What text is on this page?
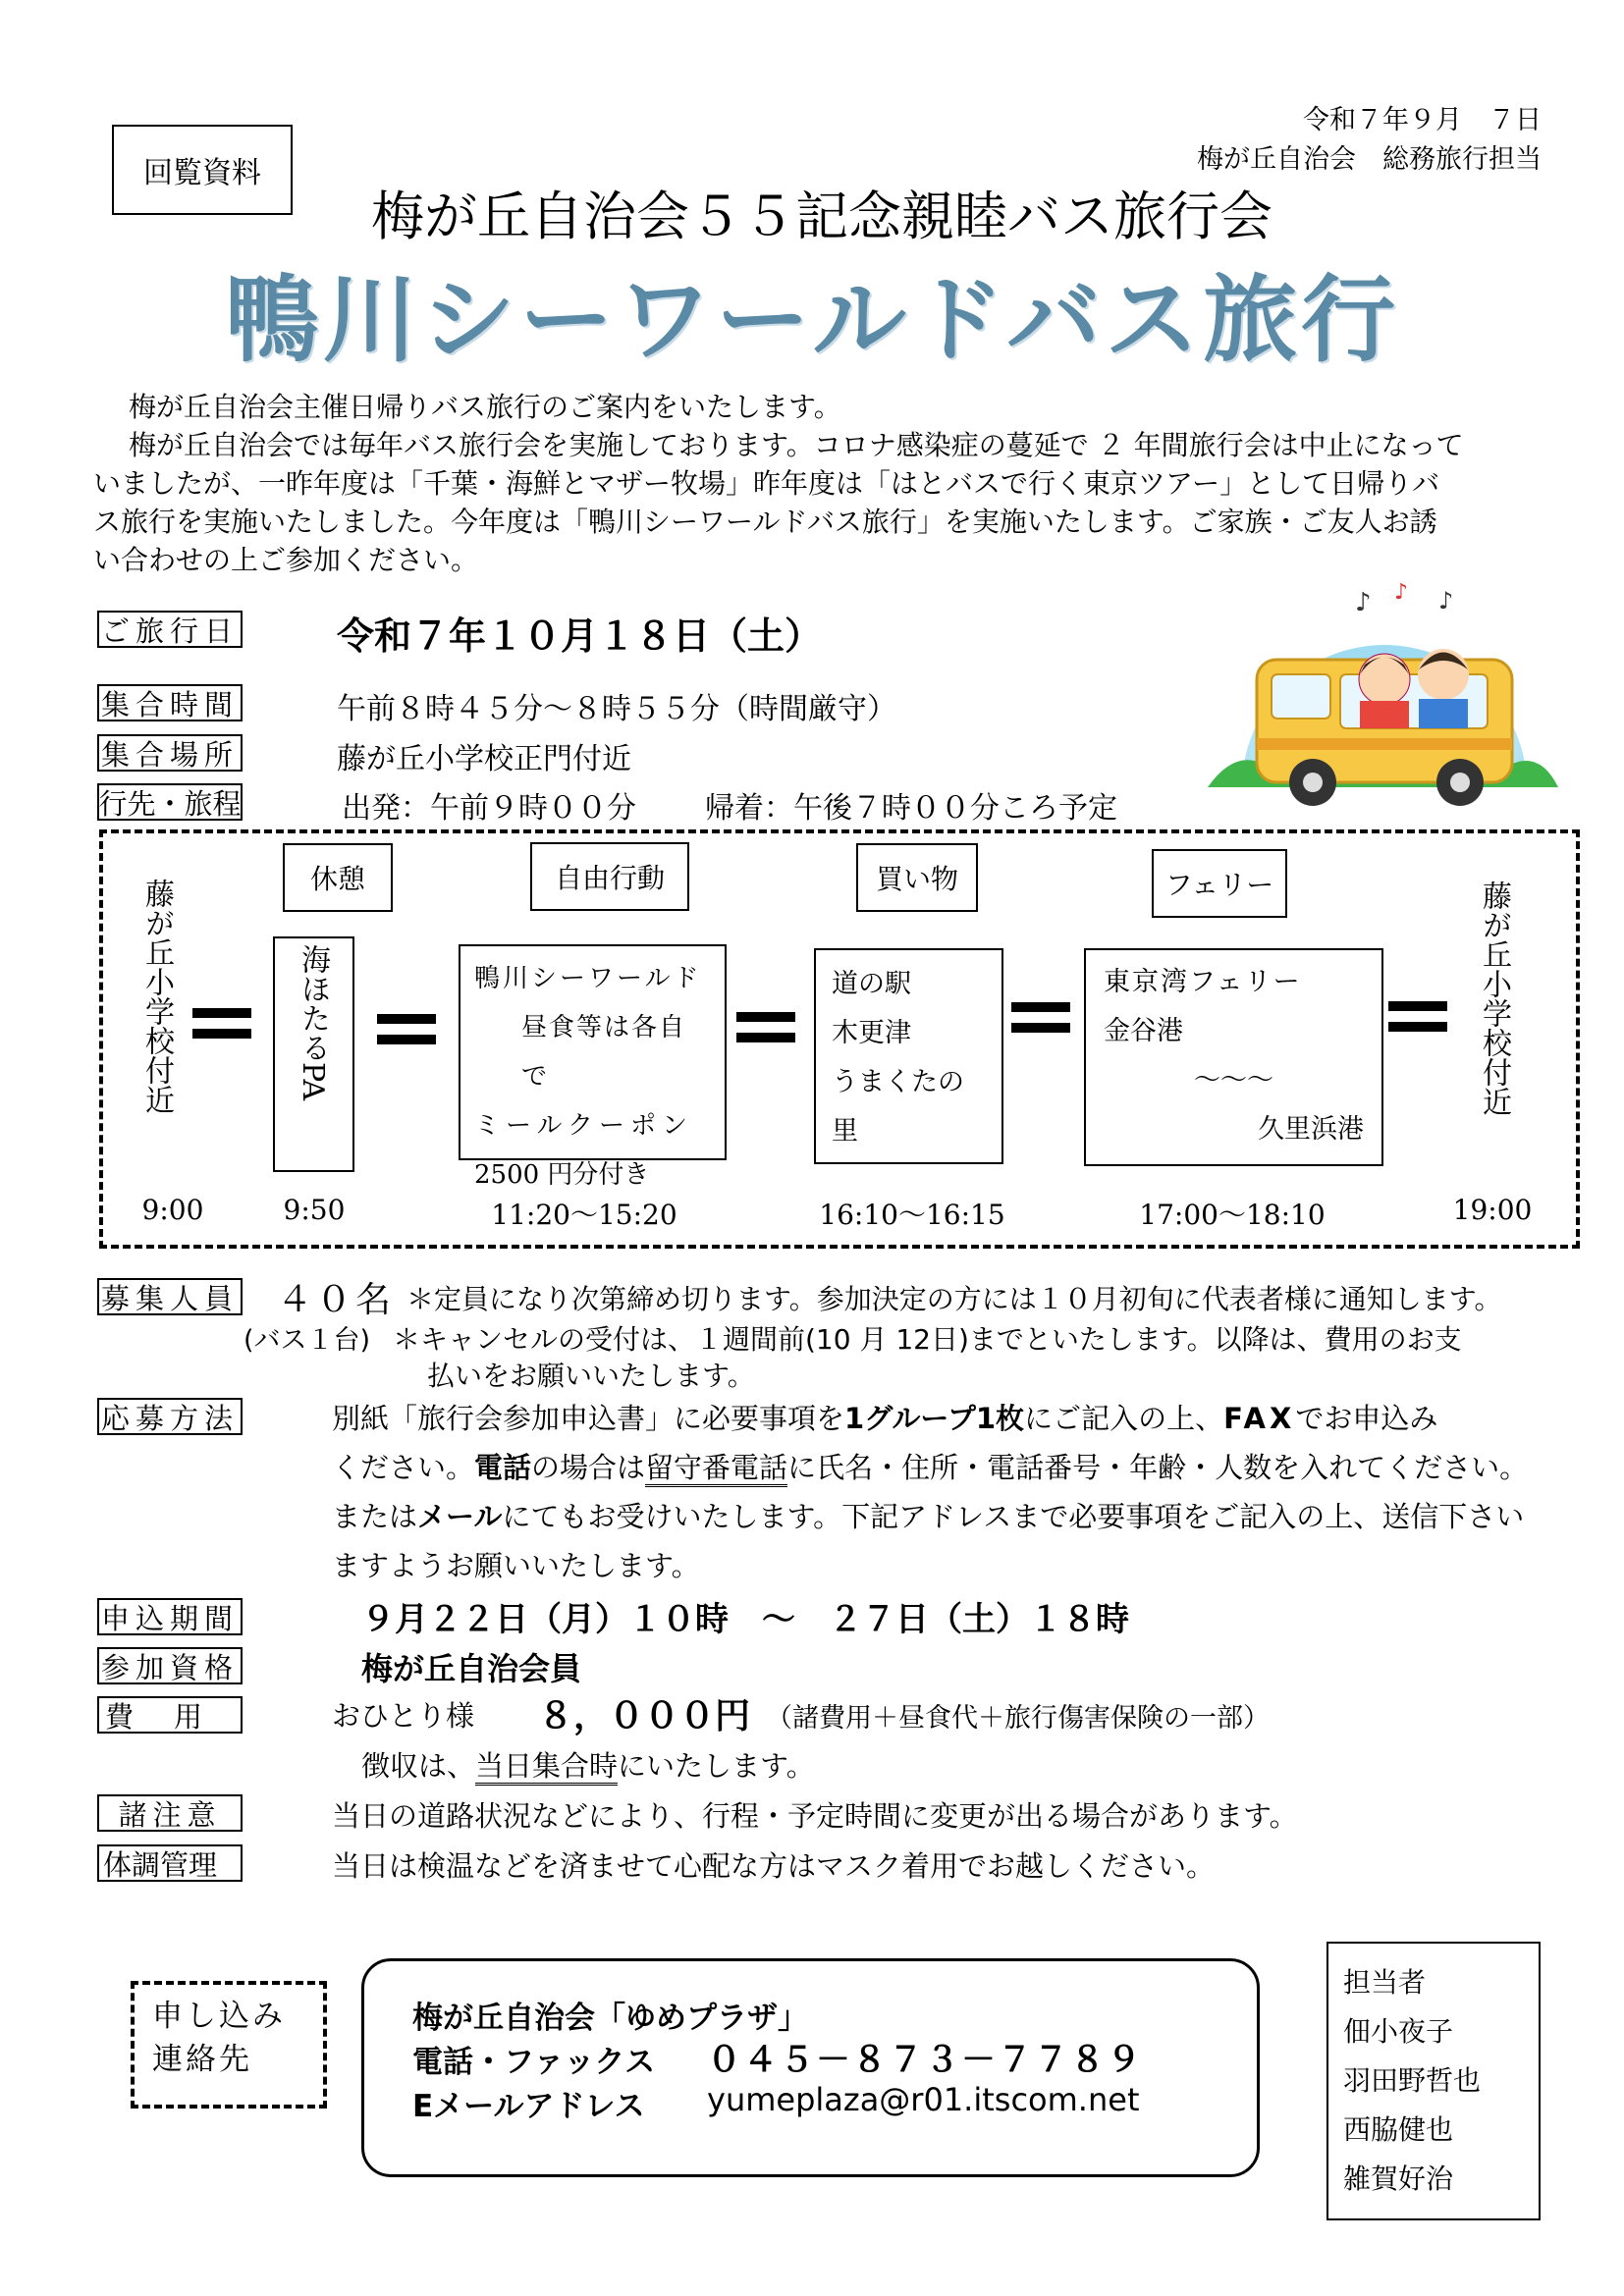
令和７年９月　７日
梅が丘自治会　総務旅行担当
回覧資料
梅が丘自治会５５記念親睦バス旅行会
鴨川シーワールドバス旅行
梅が丘自治会主催日帰りバス旅行のご案内をいたします。
梅が丘自治会では毎年バス旅行会を実施しております。コロナ感染症の蔓延で ２ 年間旅行会は中止になって
いましたが、一昨年度は「千葉・海鮮とマザー牧場」昨年度は「はとバスで行く東京ツアー」として日帰りバ
ス旅行を実施いたしました。今年度は「鴨川シーワールドバス旅行」を実施いたします。ご家族・ご友人お誘
い合わせの上ご参加ください。
♪ ♪ ♪
ご旅行日	令和７年１０月１８日（土）
集合時間	午前８時４５分～８時５５分（時間厳守）
集合場所	藤が丘小学校正門付近
行先・旅程	出発：午前９時００分 帰着：午後７時００分ころ予定
藤が丘小学校付近	休憩
海ほたるPA
自由行動
鴨川シーワールド
昼食等は各自で
ミールクーポン
2500 円分付き
買い物
道の駅
木更津
うまくたの里
フェリー
東京湾フェリー
金谷港
～～～
久里浜港
藤が丘小学校付近
9:00	9:50	11:20～15:20	16:10～16:15	17:00～18:10	19:00
募集人員 ４０名 ＊定員になり次第締め切ります。参加決定の方には１０月初旬に代表者様に通知します。
(バス１台) ＊キャンセルの受付は、１週間前(10 月 12日)までといたします。以降は、費用のお支
払いをお願いいたします。
応募方法	別紙「旅行会参加申込書」に必要事項を1グループ1枚にご記入の上、FAXでお申込み
ください。電話の場合は留守番電話に氏名・住所・電話番号・年齢・人数を入れてください。
またはメールにてもお受けいたします。下記アドレスまで必要事項をご記入の上、送信下さい
ますようお願いいたします。
申込期間	９月２２日（月）１０時　～　２７日（土）１８時
参加資格	梅が丘自治会員
費　用	おひとり様 ８，０００円 （諸費用＋昼食代＋旅行傷害保険の一部）
徴収は、当日集合時にいたします。
諸注意	当日の道路状況などにより、行程・予定時間に変更が出る場合があります。
体調管理	当日は検温などを済ませて心配な方はマスク着用でお越しください。
申し込み
連絡先
梅が丘自治会「ゆめプラザ」
電話・ファックス ０４５－８７３－７７８９
Eメールアドレス yumeplaza@r01.itscom.net
担当者
佃小夜子
羽田野哲也
西脇健也
雑賀好治
